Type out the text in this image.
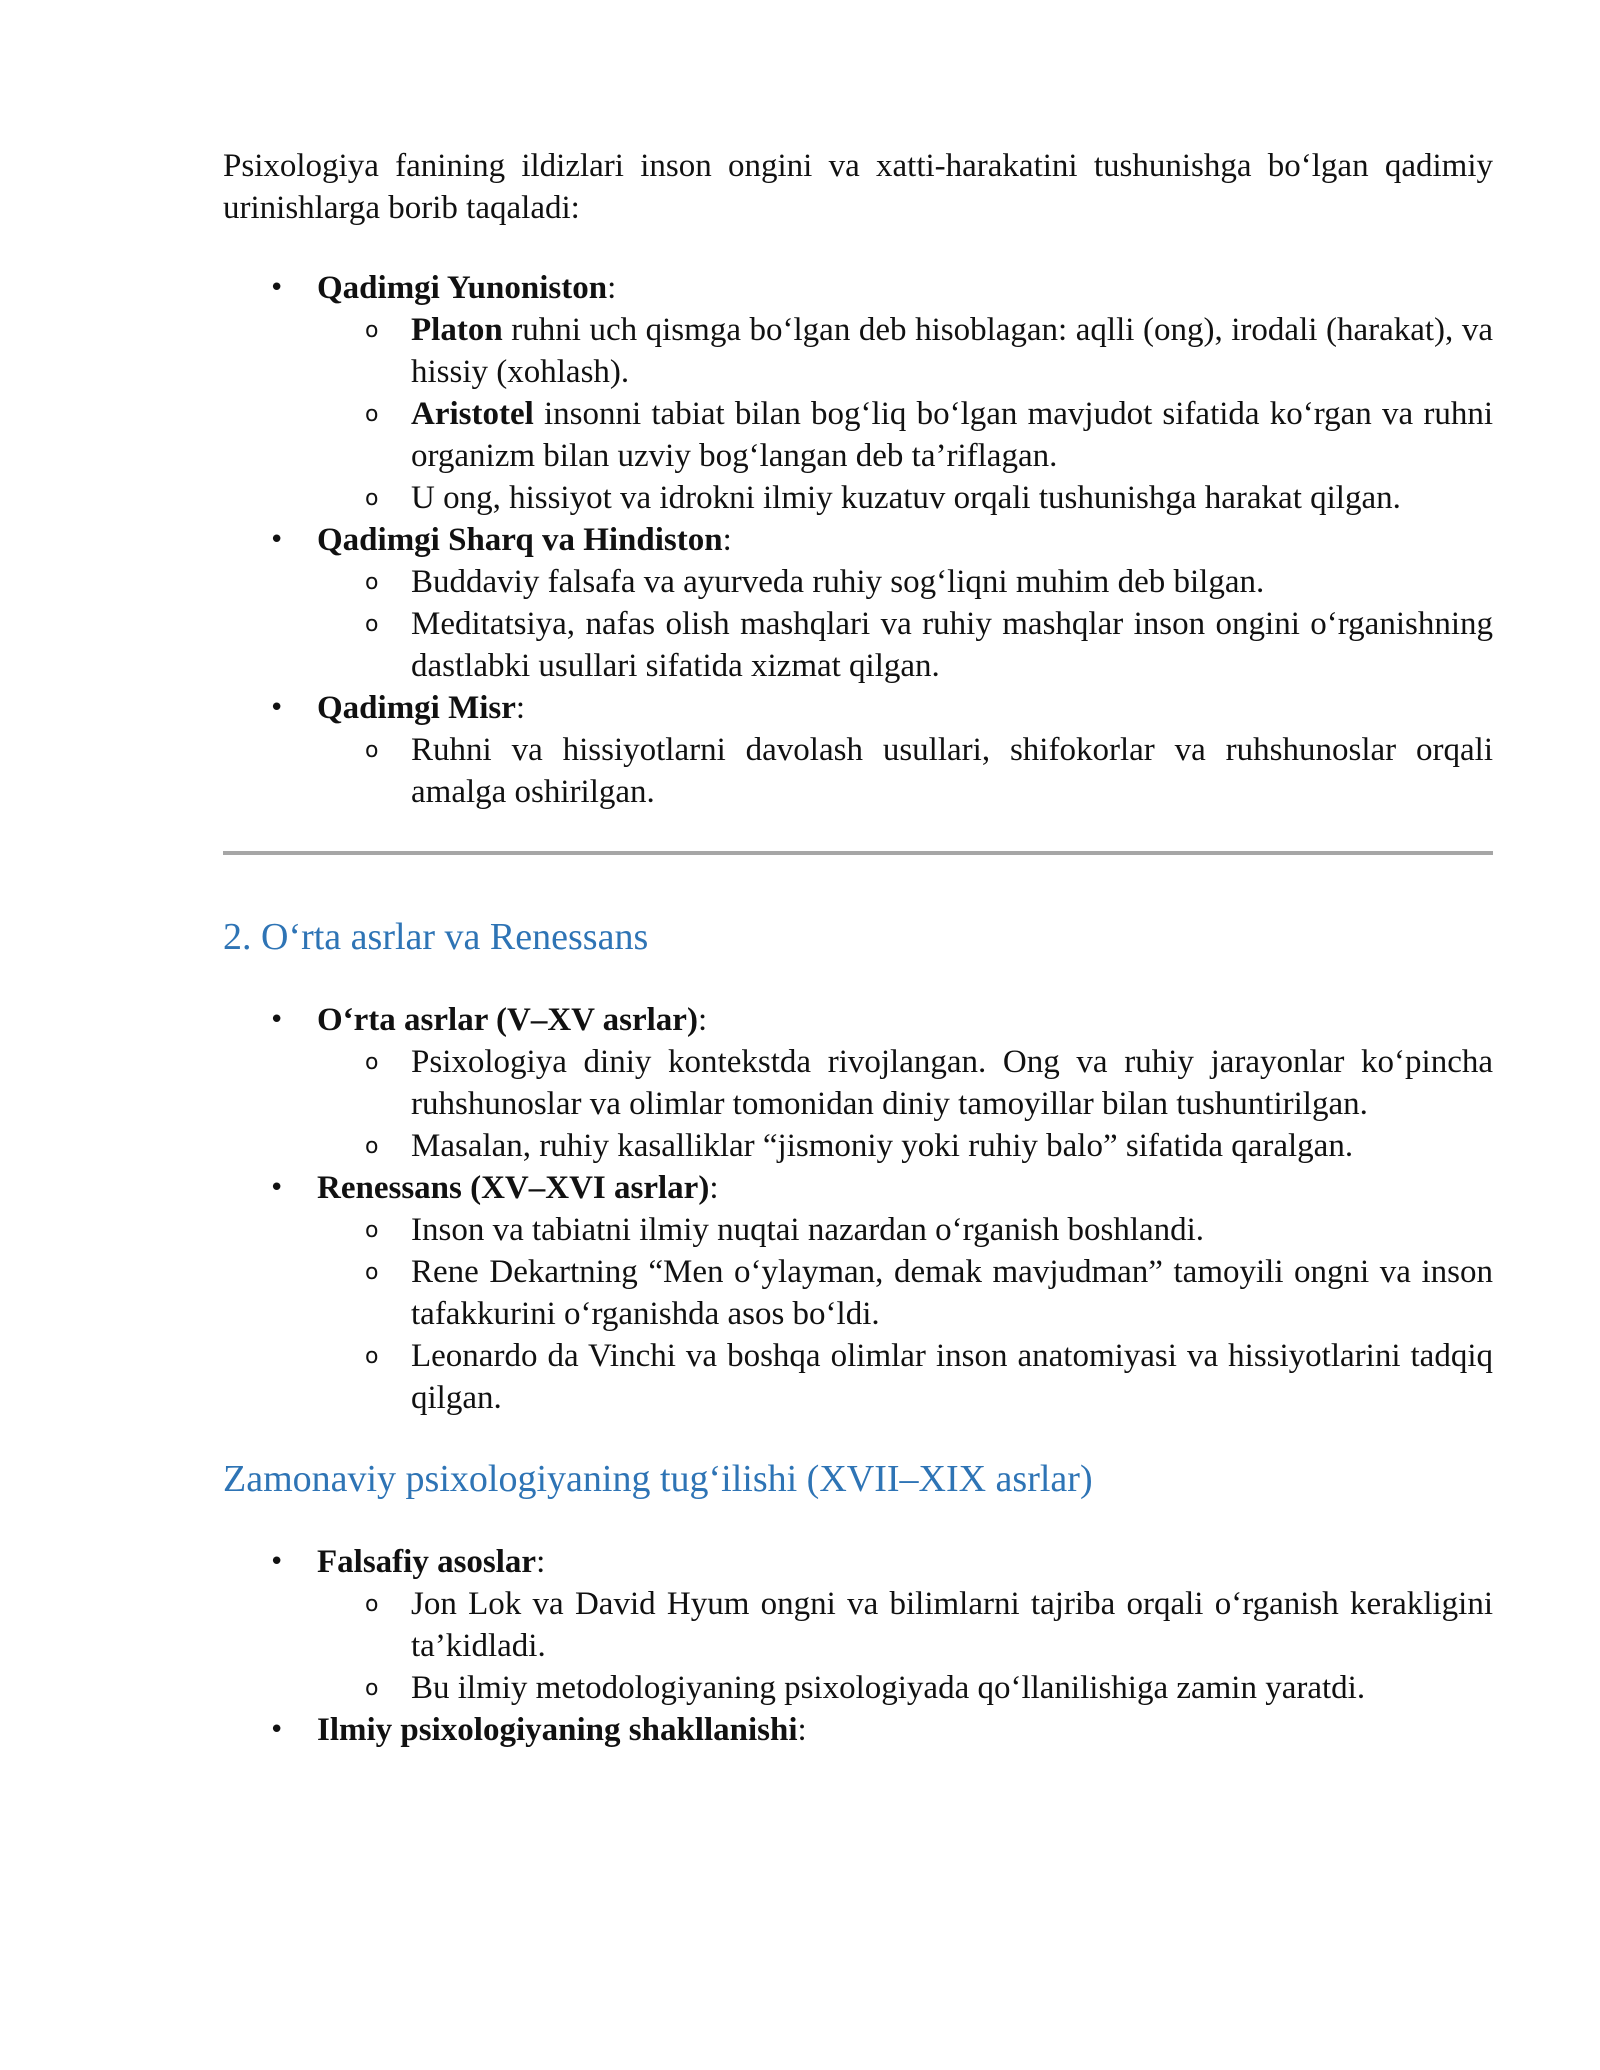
Psixologiya fanining ildizlari inson ongini va xatti-harakatini tushunishga bo‘lgan qadimiy urinishlarga borib taqaladi:

• Qadimgi Yunoniston:
o Platon ruhni uch qismga bo‘lgan deb hisoblagan: aqlli (ong), irodali (harakat), va hissiy (xohlash).
o Aristotel insonni tabiat bilan bog‘liq bo‘lgan mavjudot sifatida ko‘rgan va ruhni organizm bilan uzviy bog‘langan deb ta’riflagan.
o U ong, hissiyot va idrokni ilmiy kuzatuv orqali tushunishga harakat qilgan.
• Qadimgi Sharq va Hindiston:
o Buddaviy falsafa va ayurveda ruhiy sog‘liqni muhim deb bilgan.
o Meditatsiya, nafas olish mashqlari va ruhiy mashqlar inson ongini o‘rganishning dastlabki usullari sifatida xizmat qilgan.
• Qadimgi Misr:
o Ruhni va hissiyotlarni davolash usullari, shifokorlar va ruhshunoslar orqali amalga oshirilgan.
2. O‘rta asrlar va Renessans
• O‘rta asrlar (V–XV asrlar):
o Psixologiya diniy kontekstda rivojlangan. Ong va ruhiy jarayonlar ko‘pincha ruhshunoslar va olimlar tomonidan diniy tamoyillar bilan tushuntirilgan.
o Masalan, ruhiy kasalliklar “jismoniy yoki ruhiy balo” sifatida qaralgan.
• Renessans (XV–XVI asrlar):
o Inson va tabiatni ilmiy nuqtai nazardan o‘rganish boshlandi.
o Rene Dekartning “Men o‘ylayman, demak mavjudman” tamoyili ongni va inson tafakkurini o‘rganishda asos bo‘ldi.
o Leonardo da Vinchi va boshqa olimlar inson anatomiyasi va hissiyotlarini tadqiq qilgan.
Zamonaviy psixologiyaning tug‘ilishi (XVII–XIX asrlar)
• Falsafiy asoslar:
o Jon Lok va David Hyum ongni va bilimlarni tajriba orqali o‘rganish kerakligini ta’kidladi.
o Bu ilmiy metodologiyaning psixologiyada qo‘llanilishiga zamin yaratdi.
• Ilmiy psixologiyaning shakllanishi:
